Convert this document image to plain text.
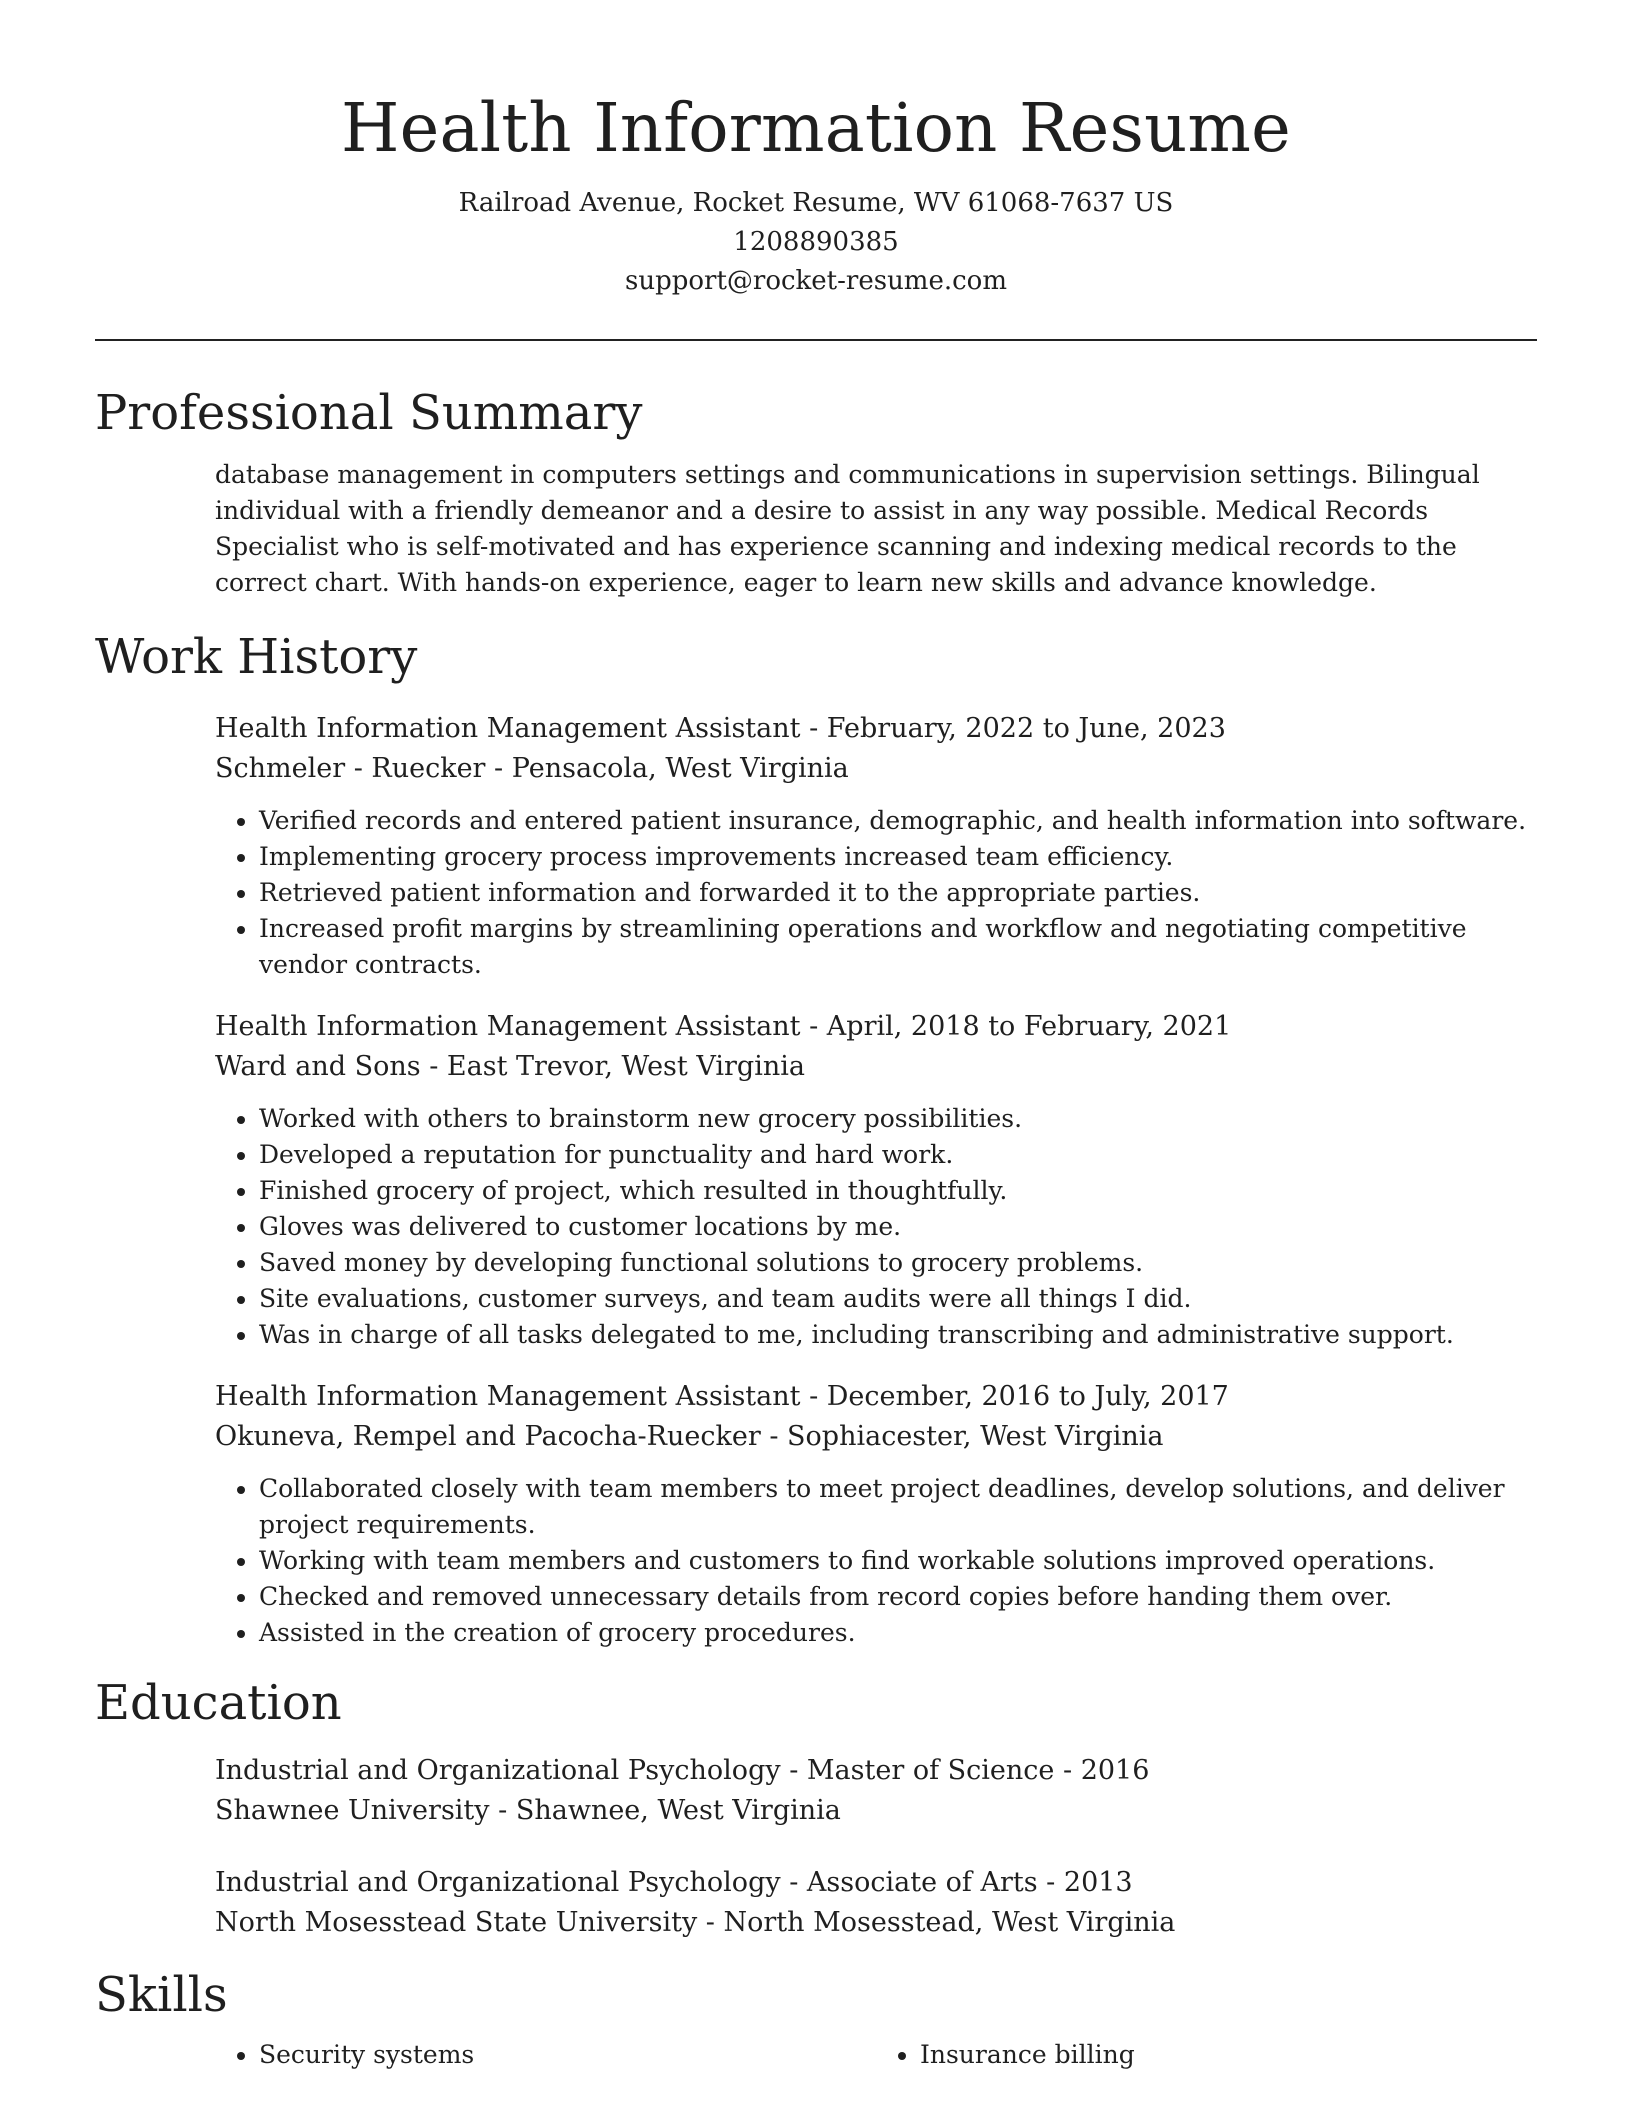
Health Information Resume
Railroad Avenue, Rocket Resume, WV 61068-7637 US
1208890385
support@rocket-resume.com
Professional Summary
database management in computers settings and communications in supervision settings. Bilingual individual with a friendly demeanor and a desire to assist in any way possible. Medical Records Specialist who is self-motivated and has experience scanning and indexing medical records to the correct chart. With hands-on experience, eager to learn new skills and advance knowledge.
Work History
Health Information Management Assistant - February, 2022 to June, 2023
Schmeler - Ruecker - Pensacola, West Virginia
• Verified records and entered patient insurance, demographic, and health information into software.
• Implementing grocery process improvements increased team efficiency.
• Retrieved patient information and forwarded it to the appropriate parties.
• Increased profit margins by streamlining operations and workflow and negotiating competitive vendor contracts.
Health Information Management Assistant - April, 2018 to February, 2021
Ward and Sons - East Trevor, West Virginia
• Worked with others to brainstorm new grocery possibilities.
• Developed a reputation for punctuality and hard work.
• Finished grocery of project, which resulted in thoughtfully.
• Gloves was delivered to customer locations by me.
• Saved money by developing functional solutions to grocery problems.
• Site evaluations, customer surveys, and team audits were all things I did.
• Was in charge of all tasks delegated to me, including transcribing and administrative support.
Health Information Management Assistant - December, 2016 to July, 2017
Okuneva, Rempel and Pacocha-Ruecker - Sophiacester, West Virginia
• Collaborated closely with team members to meet project deadlines, develop solutions, and deliver project requirements.
• Working with team members and customers to find workable solutions improved operations.
• Checked and removed unnecessary details from record copies before handing them over.
• Assisted in the creation of grocery procedures.
Education
Industrial and Organizational Psychology - Master of Science - 2016
Shawnee University - Shawnee, West Virginia
Industrial and Organizational Psychology - Associate of Arts - 2013
North Mosesstead State University - North Mosesstead, West Virginia
Skills
• Security systems
•	Insurance billing
